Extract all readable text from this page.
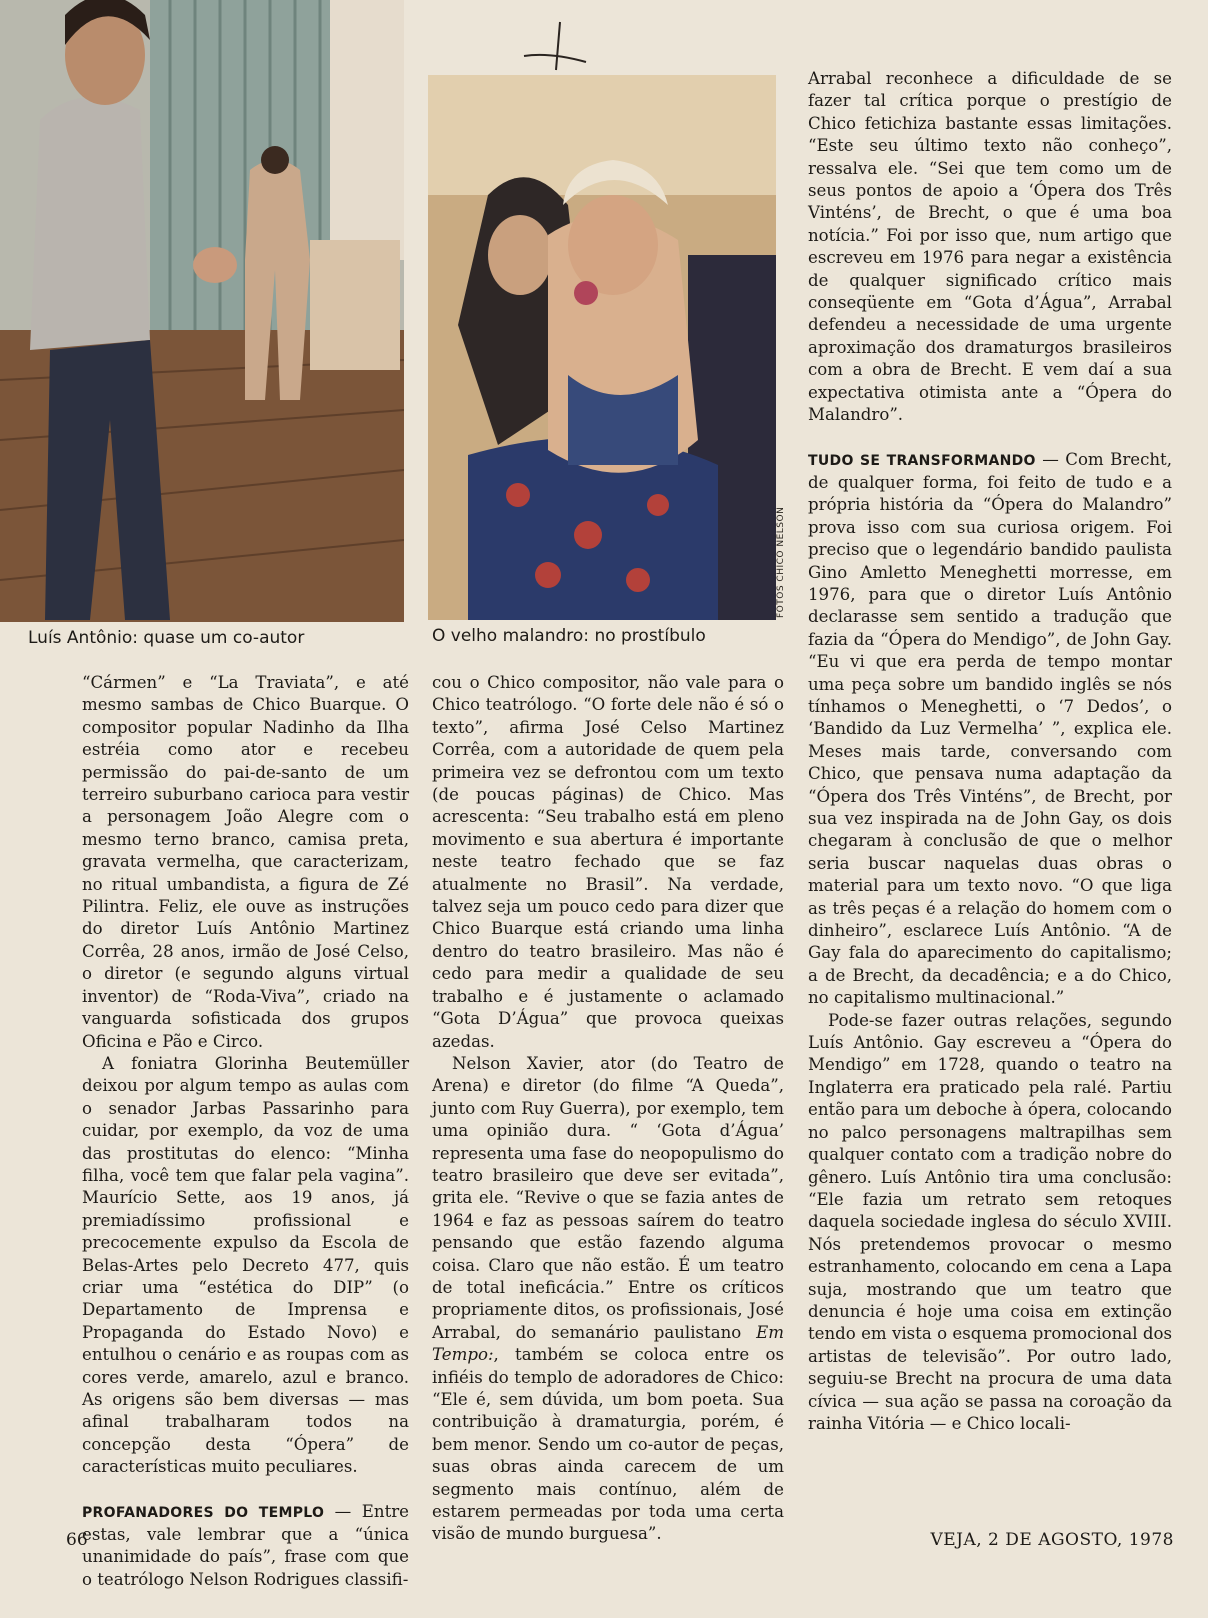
FOTOS CHICO NÉLSON
Luís Antônio: quase um co-autor	O velho malandro: no prostíbulo

“Cármen” e “La Traviata”, e até mesmo sambas de Chico Buarque. O compositor popular Nadinho da Ilha estréia como ator e recebeu permissão do pai-de-santo de um terreiro suburbano carioca para vestir a personagem João Alegre com o mesmo terno branco, camisa preta, gravata vermelha, que caracterizam, no ritual umbandista, a figura de Zé Pilintra. Feliz, ele ouve as instruções do diretor Luís Antônio Martinez Corrêa, 28 anos, irmão de José Celso, o diretor (e segundo alguns virtual inventor) de “Roda-Viva”, criado na vanguarda sofisticada dos grupos Oficina e Pão e Circo.

A foniatra Glorinha Beutemüller deixou por algum tempo as aulas com o senador Jarbas Passarinho para cuidar, por exemplo, da voz de uma das prostitutas do elenco: “Minha filha, você tem que falar pela vagina”. Maurício Sette, aos 19 anos, já premiadíssimo profissional e precocemente expulso da Escola de Belas-Artes pelo Decreto 477, quis criar uma “estética do DIP” (o Departamento de Imprensa e Propaganda do Estado Novo) e entulhou o cenário e as roupas com as cores verde, amarelo, azul e branco. As origens são bem diversas — mas afinal trabalharam todos na concepção desta “Ópera” de características muito peculiares.

PROFANADORES DO TEMPLO — Entre estas, vale lembrar que a “única unanimidade do país”, frase com que o teatrólogo Nelson Rodrigues classifi-

cou o Chico compositor, não vale para o Chico teatrólogo. “O forte dele não é só o texto”, afirma José Celso Martinez Corrêa, com a autoridade de quem pela primeira vez se defrontou com um texto (de poucas páginas) de Chico. Mas acrescenta: “Seu trabalho está em pleno movimento e sua abertura é importante neste teatro fechado que se faz atualmente no Brasil”. Na verdade, talvez seja um pouco cedo para dizer que Chico Buarque está criando uma linha dentro do teatro brasileiro. Mas não é cedo para medir a qualidade de seu trabalho e é justamente o aclamado “Gota D’Água” que provoca queixas azedas.

Nelson Xavier, ator (do Teatro de Arena) e diretor (do filme “A Queda”, junto com Ruy Guerra), por exemplo, tem uma opinião dura. “ ‘Gota d’Água’ representa uma fase do neopopulismo do teatro brasileiro que deve ser evitada”, grita ele. “Revive o que se fazia antes de 1964 e faz as pessoas saírem do teatro pensando que estão fazendo alguma coisa. Claro que não estão. É um teatro de total ineficácia.” Entre os críticos propriamente ditos, os profissionais, José Arrabal, do semanário paulistano Em Tempo:, também se coloca entre os infiéis do templo de adoradores de Chico: “Ele é, sem dúvida, um bom poeta. Sua contribuição à dramaturgia, porém, é bem menor. Sendo um co-autor de peças, suas obras ainda carecem de um segmento mais contínuo, além de estarem permeadas por toda uma certa visão de mundo burguesa”.

Arrabal reconhece a dificuldade de se fazer tal crítica porque o prestígio de Chico fetichiza bastante essas limitações. “Este seu último texto não conheço”, ressalva ele. “Sei que tem como um de seus pontos de apoio a ‘Ópera dos Três Vinténs’, de Brecht, o que é uma boa notícia.” Foi por isso que, num artigo que escreveu em 1976 para negar a existência de qualquer significado crítico mais conseqüente em “Gota d’Água”, Arrabal defendeu a necessidade de uma urgente aproximação dos dramaturgos brasileiros com a obra de Brecht. E vem daí a sua expectativa otimista ante a “Ópera do Malandro”.

TUDO SE TRANSFORMANDO — Com Brecht, de qualquer forma, foi feito de tudo e a própria história da “Ópera do Malandro” prova isso com sua curiosa origem. Foi preciso que o legendário bandido paulista Gino Amletto Meneghetti morresse, em 1976, para que o diretor Luís Antônio declarasse sem sentido a tradução que fazia da “Ópera do Mendigo”, de John Gay. “Eu vi que era perda de tempo montar uma peça sobre um bandido inglês se nós tínhamos o Meneghetti, o ‘7 Dedos’, o ‘Bandido da Luz Vermelha’ ”, explica ele. Meses mais tarde, conversando com Chico, que pensava numa adaptação da “Ópera dos Três Vinténs”, de Brecht, por sua vez inspirada na de John Gay, os dois chegaram à conclusão de que o melhor seria buscar naquelas duas obras o material para um texto novo. “O que liga as três peças é a relação do homem com o dinheiro”, esclarece Luís Antônio. “A de Gay fala do aparecimento do capitalismo; a de Brecht, da decadência; e a do Chico, no capitalismo multinacional.”

Pode-se fazer outras relações, segundo Luís Antônio. Gay escreveu a “Ópera do Mendigo” em 1728, quando o teatro na Inglaterra era praticado pela ralé. Partiu então para um deboche à ópera, colocando no palco personagens maltrapilhas sem qualquer contato com a tradição nobre do gênero. Luís Antônio tira uma conclusão: “Ele fazia um retrato sem retoques daquela sociedade inglesa do século XVIII. Nós pretendemos provocar o mesmo estranhamento, colocando em cena a Lapa suja, mostrando que um teatro que denuncia é hoje uma coisa em extinção tendo em vista o esquema promocional dos artistas de televisão”. Por outro lado, seguiu-se Brecht na procura de uma data cívica — sua ação se passa na coroação da rainha Vitória — e Chico locali-

66	VEJA, 2 DE AGOSTO, 1978
